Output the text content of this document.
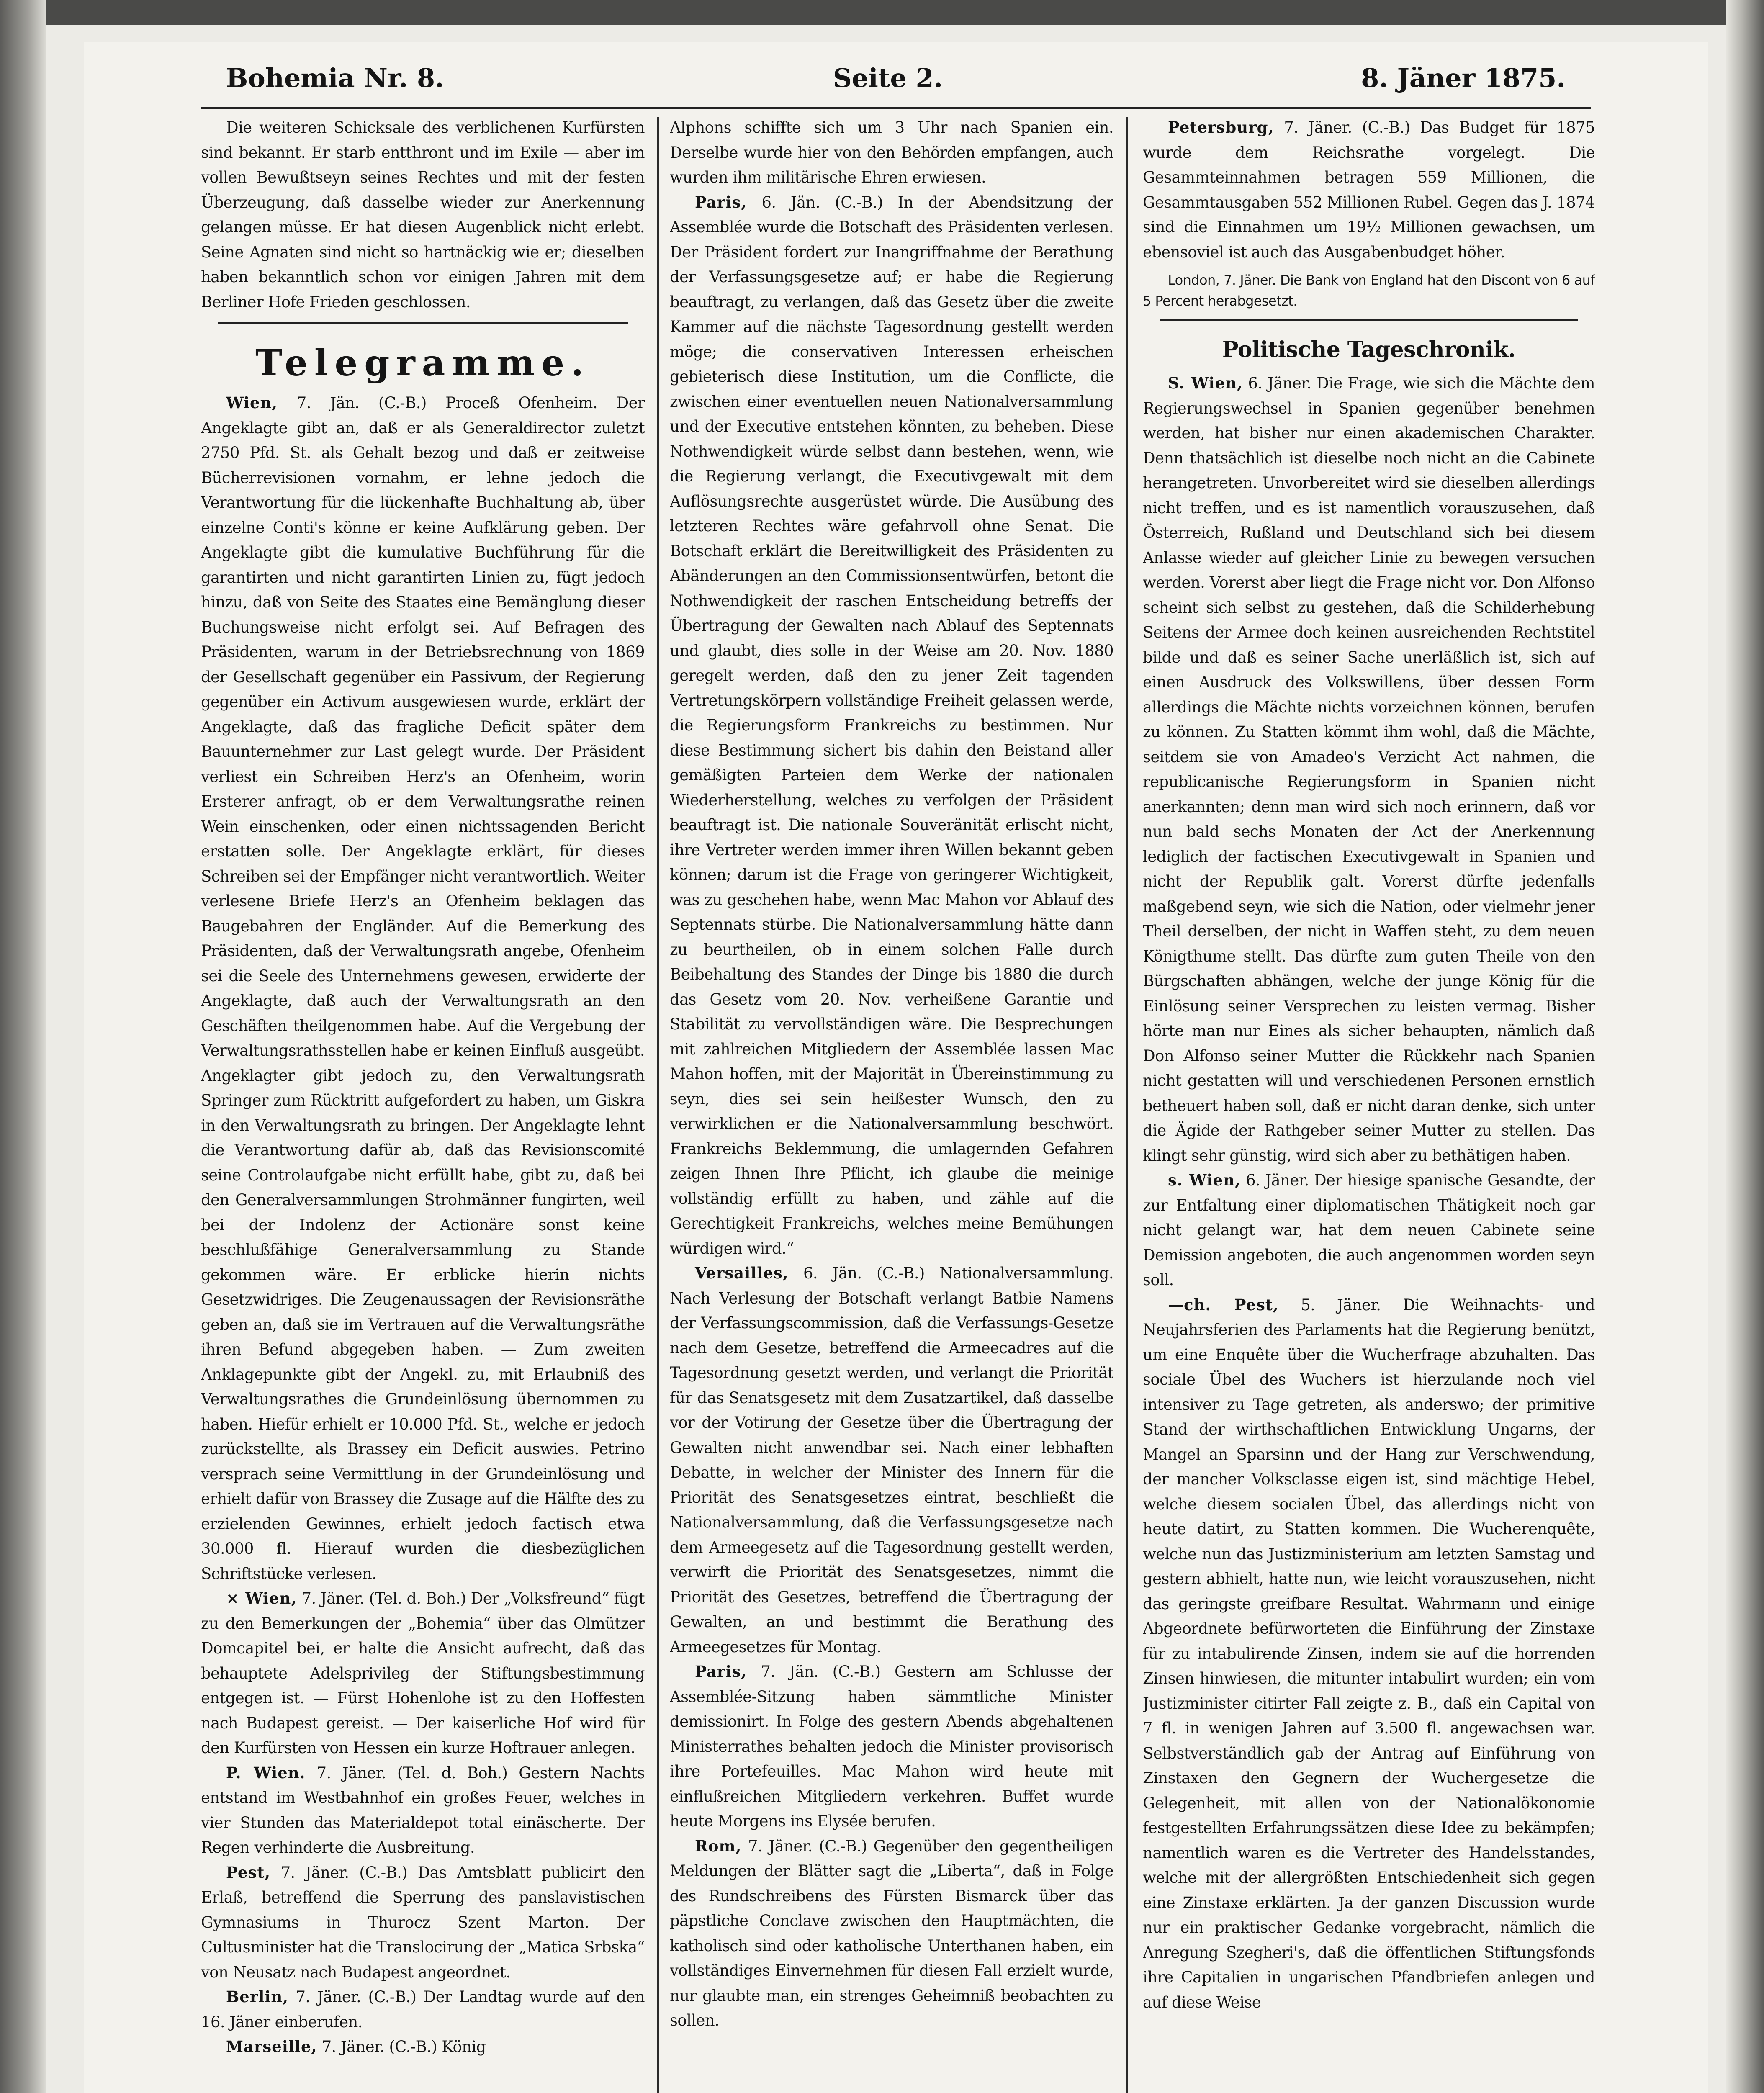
Bohemia Nr. 8.	Seite 2.	8. Jäner 1875.

Die weiteren Schicksale des verblichenen Kurfürsten sind bekannt. Er starb entthront und im Exile — aber im vollen Bewußtseyn seines Rechtes und mit der festen Überzeugung, daß dasselbe wieder zur Anerkennung gelangen müsse. Er hat diesen Augenblick nicht erlebt. Seine Agnaten sind nicht so hartnäckig wie er; dieselben haben bekanntlich schon vor einigen Jahren mit dem Berliner Hofe Frieden geschlossen.

Telegramme.

Wien, 7. Jän. (C.-B.) Proceß Ofenheim. Der Angeklagte gibt an, daß er als Generaldirector zuletzt 2750 Pfd. St. als Gehalt bezog und daß er zeitweise Bücherrevisionen vornahm, er lehne jedoch die Verantwortung für die lückenhafte Buchhaltung ab, über einzelne Conti's könne er keine Aufklärung geben. Der Angeklagte gibt die kumulative Buchführung für die garantirten und nicht garantirten Linien zu, fügt jedoch hinzu, daß von Seite des Staates eine Bemänglung dieser Buchungsweise nicht erfolgt sei. Auf Befragen des Präsidenten, warum in der Betriebsrechnung von 1869 der Gesellschaft gegenüber ein Passivum, der Regierung gegenüber ein Activum ausgewiesen wurde, erklärt der Angeklagte, daß das fragliche Deficit später dem Bauunternehmer zur Last gelegt wurde. Der Präsident verliest ein Schreiben Herz's an Ofenheim, worin Ersterer anfragt, ob er dem Verwaltungsrathe reinen Wein einschenken, oder einen nichtssagenden Bericht erstatten solle. Der Angeklagte erklärt, für dieses Schreiben sei der Empfänger nicht verantwortlich. Weiter verlesene Briefe Herz's an Ofenheim beklagen das Baugebahren der Engländer. Auf die Bemerkung des Präsidenten, daß der Verwaltungsrath angebe, Ofenheim sei die Seele des Unternehmens gewesen, erwiderte der Angeklagte, daß auch der Verwaltungsrath an den Geschäften theilgenommen habe. Auf die Vergebung der Verwaltungsrathsstellen habe er keinen Einfluß ausgeübt. Angeklagter gibt jedoch zu, den Verwaltungsrath Springer zum Rücktritt aufgefordert zu haben, um Giskra in den Verwaltungsrath zu bringen. Der Angeklagte lehnt die Verantwortung dafür ab, daß das Revisionscomité seine Controlaufgabe nicht erfüllt habe, gibt zu, daß bei den Generalversammlungen Strohmänner fungirten, weil bei der Indolenz der Actionäre sonst keine beschlußfähige Generalversammlung zu Stande gekommen wäre. Er erblicke hierin nichts Gesetzwidriges. Die Zeugenaussagen der Revisionsräthe geben an, daß sie im Vertrauen auf die Verwaltungsräthe ihren Befund abgegeben haben. — Zum zweiten Anklagepunkte gibt der Angekl. zu, mit Erlaubniß des Verwaltungsrathes die Grundeinlösung übernommen zu haben. Hiefür erhielt er 10.000 Pfd. St., welche er jedoch zurückstellte, als Brassey ein Deficit auswies. Petrino versprach seine Vermittlung in der Grundeinlösung und erhielt dafür von Brassey die Zusage auf die Hälfte des zu erzielenden Gewinnes, erhielt jedoch factisch etwa 30.000 fl. Hierauf wurden die diesbezüglichen Schriftstücke verlesen.

× Wien, 7. Jäner. (Tel. d. Boh.) Der „Volksfreund“ fügt zu den Bemerkungen der „Bohemia“ über das Olmützer Domcapitel bei, er halte die Ansicht aufrecht, daß das behauptete Adelsprivileg der Stiftungsbestimmung entgegen ist. — Fürst Hohenlohe ist zu den Hoffesten nach Budapest gereist. — Der kaiserliche Hof wird für den Kurfürsten von Hessen ein kurze Hoftrauer anlegen.

P. Wien. 7. Jäner. (Tel. d. Boh.) Gestern Nachts entstand im Westbahnhof ein großes Feuer, welches in vier Stunden das Materialdepot total einäscherte. Der Regen verhinderte die Ausbreitung.

Pest, 7. Jäner. (C.-B.) Das Amtsblatt publicirt den Erlaß, betreffend die Sperrung des panslavistischen Gymnasiums in Thurocz Szent Marton. Der Cultusminister hat die Translocirung der „Matica Srbska“ von Neusatz nach Budapest angeordnet.

Berlin, 7. Jäner. (C.-B.) Der Landtag wurde auf den 16. Jäner einberufen.

Marseille, 7. Jäner. (C.-B.) König

Alphons schiffte sich um 3 Uhr nach Spanien ein. Derselbe wurde hier von den Behörden empfangen, auch wurden ihm militärische Ehren erwiesen.

Paris, 6. Jän. (C.-B.) In der Abendsitzung der Assemblée wurde die Botschaft des Präsidenten verlesen. Der Präsident fordert zur Inangriffnahme der Berathung der Verfassungsgesetze auf; er habe die Regierung beauftragt, zu verlangen, daß das Gesetz über die zweite Kammer auf die nächste Tagesordnung gestellt werden möge; die conservativen Interessen erheischen gebieterisch diese Institution, um die Conflicte, die zwischen einer eventuellen neuen Nationalversammlung und der Executive entstehen könnten, zu beheben. Diese Nothwendigkeit würde selbst dann bestehen, wenn, wie die Regierung verlangt, die Executivgewalt mit dem Auflösungsrechte ausgerüstet würde. Die Ausübung des letzteren Rechtes wäre gefahrvoll ohne Senat. Die Botschaft erklärt die Bereitwilligkeit des Präsidenten zu Abänderungen an den Commissionsentwürfen, betont die Nothwendigkeit der raschen Entscheidung betreffs der Übertragung der Gewalten nach Ablauf des Septennats und glaubt, dies solle in der Weise am 20. Nov. 1880 geregelt werden, daß den zu jener Zeit tagenden Vertretungskörpern vollständige Freiheit gelassen werde, die Regierungsform Frankreichs zu bestimmen. Nur diese Bestimmung sichert bis dahin den Beistand aller gemäßigten Parteien dem Werke der nationalen Wiederherstellung, welches zu verfolgen der Präsident beauftragt ist. Die nationale Souveränität erlischt nicht, ihre Vertreter werden immer ihren Willen bekannt geben können; darum ist die Frage von geringerer Wichtigkeit, was zu geschehen habe, wenn Mac Mahon vor Ablauf des Septennats stürbe. Die Nationalversammlung hätte dann zu beurtheilen, ob in einem solchen Falle durch Beibehaltung des Standes der Dinge bis 1880 die durch das Gesetz vom 20. Nov. verheißene Garantie und Stabilität zu vervollständigen wäre. Die Besprechungen mit zahlreichen Mitgliedern der Assemblée lassen Mac Mahon hoffen, mit der Majorität in Übereinstimmung zu seyn, dies sei sein heißester Wunsch, den zu verwirklichen er die Nationalversammlung beschwört. Frankreichs Beklemmung, die umlagernden Gefahren zeigen Ihnen Ihre Pflicht, ich glaube die meinige vollständig erfüllt zu haben, und zähle auf die Gerechtigkeit Frankreichs, welches meine Bemühungen würdigen wird.“

Versailles, 6. Jän. (C.-B.) Nationalversammlung. Nach Verlesung der Botschaft verlangt Batbie Namens der Verfassungscommission, daß die Verfassungs-Gesetze nach dem Gesetze, betreffend die Armeecadres auf die Tagesordnung gesetzt werden, und verlangt die Priorität für das Senatsgesetz mit dem Zusatzartikel, daß dasselbe vor der Votirung der Gesetze über die Übertragung der Gewalten nicht anwendbar sei. Nach einer lebhaften Debatte, in welcher der Minister des Innern für die Priorität des Senatsgesetzes eintrat, beschließt die Nationalversammlung, daß die Verfassungsgesetze nach dem Armeegesetz auf die Tagesordnung gestellt werden, verwirft die Priorität des Senatsgesetzes, nimmt die Priorität des Gesetzes, betreffend die Übertragung der Gewalten, an und bestimmt die Berathung des Armeegesetzes für Montag.

Paris, 7. Jän. (C.-B.) Gestern am Schlusse der Assemblée-Sitzung haben sämmtliche Minister demissionirt. In Folge des gestern Abends abgehaltenen Ministerrathes behalten jedoch die Minister provisorisch ihre Portefeuilles. Mac Mahon wird heute mit einflußreichen Mitgliedern verkehren. Buffet wurde heute Morgens ins Elysée berufen.

Rom, 7. Jäner. (C.-B.) Gegenüber den gegentheiligen Meldungen der Blätter sagt die „Liberta“, daß in Folge des Rundschreibens des Fürsten Bismarck über das päpstliche Conclave zwischen den Hauptmächten, die katholisch sind oder katholische Unterthanen haben, ein vollständiges Einvernehmen für diesen Fall erzielt wurde, nur glaubte man, ein strenges Geheimniß beobachten zu sollen.

Petersburg, 7. Jäner. (C.-B.) Das Budget für 1875 wurde dem Reichsrathe vorgelegt. Die Gesammteinnahmen betragen 559 Millionen, die Gesammtausgaben 552 Millionen Rubel. Gegen das J. 1874 sind die Einnahmen um 19½ Millionen gewachsen, um ebensoviel ist auch das Ausgabenbudget höher.

London, 7. Jäner. Die Bank von England hat den Discont von 6 auf 5 Percent herabgesetzt.
Politische Tageschronik.

S. Wien, 6. Jäner. Die Frage, wie sich die Mächte dem Regierungswechsel in Spanien gegenüber benehmen werden, hat bisher nur einen akademischen Charakter. Denn thatsächlich ist dieselbe noch nicht an die Cabinete herangetreten. Unvorbereitet wird sie dieselben allerdings nicht treffen, und es ist namentlich vorauszusehen, daß Österreich, Rußland und Deutschland sich bei diesem Anlasse wieder auf gleicher Linie zu bewegen versuchen werden. Vorerst aber liegt die Frage nicht vor. Don Alfonso scheint sich selbst zu gestehen, daß die Schilderhebung Seitens der Armee doch keinen ausreichenden Rechtstitel bilde und daß es seiner Sache unerläßlich ist, sich auf einen Ausdruck des Volkswillens, über dessen Form allerdings die Mächte nichts vorzeichnen können, berufen zu können. Zu Statten kömmt ihm wohl, daß die Mächte, seitdem sie von Amadeo's Verzicht Act nahmen, die republicanische Regierungsform in Spanien nicht anerkannten; denn man wird sich noch erinnern, daß vor nun bald sechs Monaten der Act der Anerkennung lediglich der factischen Executivgewalt in Spanien und nicht der Republik galt. Vorerst dürfte jedenfalls maßgebend seyn, wie sich die Nation, oder vielmehr jener Theil derselben, der nicht in Waffen steht, zu dem neuen Königthume stellt. Das dürfte zum guten Theile von den Bürgschaften abhängen, welche der junge König für die Einlösung seiner Versprechen zu leisten vermag. Bisher hörte man nur Eines als sicher behaupten, nämlich daß Don Alfonso seiner Mutter die Rückkehr nach Spanien nicht gestatten will und verschiedenen Personen ernstlich betheuert haben soll, daß er nicht daran denke, sich unter die Ägide der Rathgeber seiner Mutter zu stellen. Das klingt sehr günstig, wird sich aber zu bethätigen haben.

s. Wien, 6. Jäner. Der hiesige spanische Gesandte, der zur Entfaltung einer diplomatischen Thätigkeit noch gar nicht gelangt war, hat dem neuen Cabinete seine Demission angeboten, die auch angenommen worden seyn soll.

—ch. Pest, 5. Jäner. Die Weihnachts- und Neujahrsferien des Parlaments hat die Regierung benützt, um eine Enquête über die Wucherfrage abzuhalten. Das sociale Übel des Wuchers ist hierzulande noch viel intensiver zu Tage getreten, als anderswo; der primitive Stand der wirthschaftlichen Entwicklung Ungarns, der Mangel an Sparsinn und der Hang zur Verschwendung, der mancher Volksclasse eigen ist, sind mächtige Hebel, welche diesem socialen Übel, das allerdings nicht von heute datirt, zu Statten kommen. Die Wucherenquête, welche nun das Justizministerium am letzten Samstag und gestern abhielt, hatte nun, wie leicht vorauszusehen, nicht das geringste greifbare Resultat. Wahrmann und einige Abgeordnete befürworteten die Einführung der Zinstaxe für zu intabulirende Zinsen, indem sie auf die horrenden Zinsen hinwiesen, die mitunter intabulirt wurden; ein vom Justizminister citirter Fall zeigte z. B., daß ein Capital von 7 fl. in wenigen Jahren auf 3.500 fl. angewachsen war. Selbstverständlich gab der Antrag auf Einführung von Zinstaxen den Gegnern der Wuchergesetze die Gelegenheit, mit allen von der Nationalökonomie festgestellten Erfahrungssätzen diese Idee zu bekämpfen; namentlich waren es die Vertreter des Handelsstandes, welche mit der allergrößten Entschiedenheit sich gegen eine Zinstaxe erklärten. Ja der ganzen Discussion wurde nur ein praktischer Gedanke vorgebracht, nämlich die Anregung Szegheri's, daß die öffentlichen Stiftungsfonds ihre Capitalien in ungarischen Pfandbriefen anlegen und auf diese Weise
